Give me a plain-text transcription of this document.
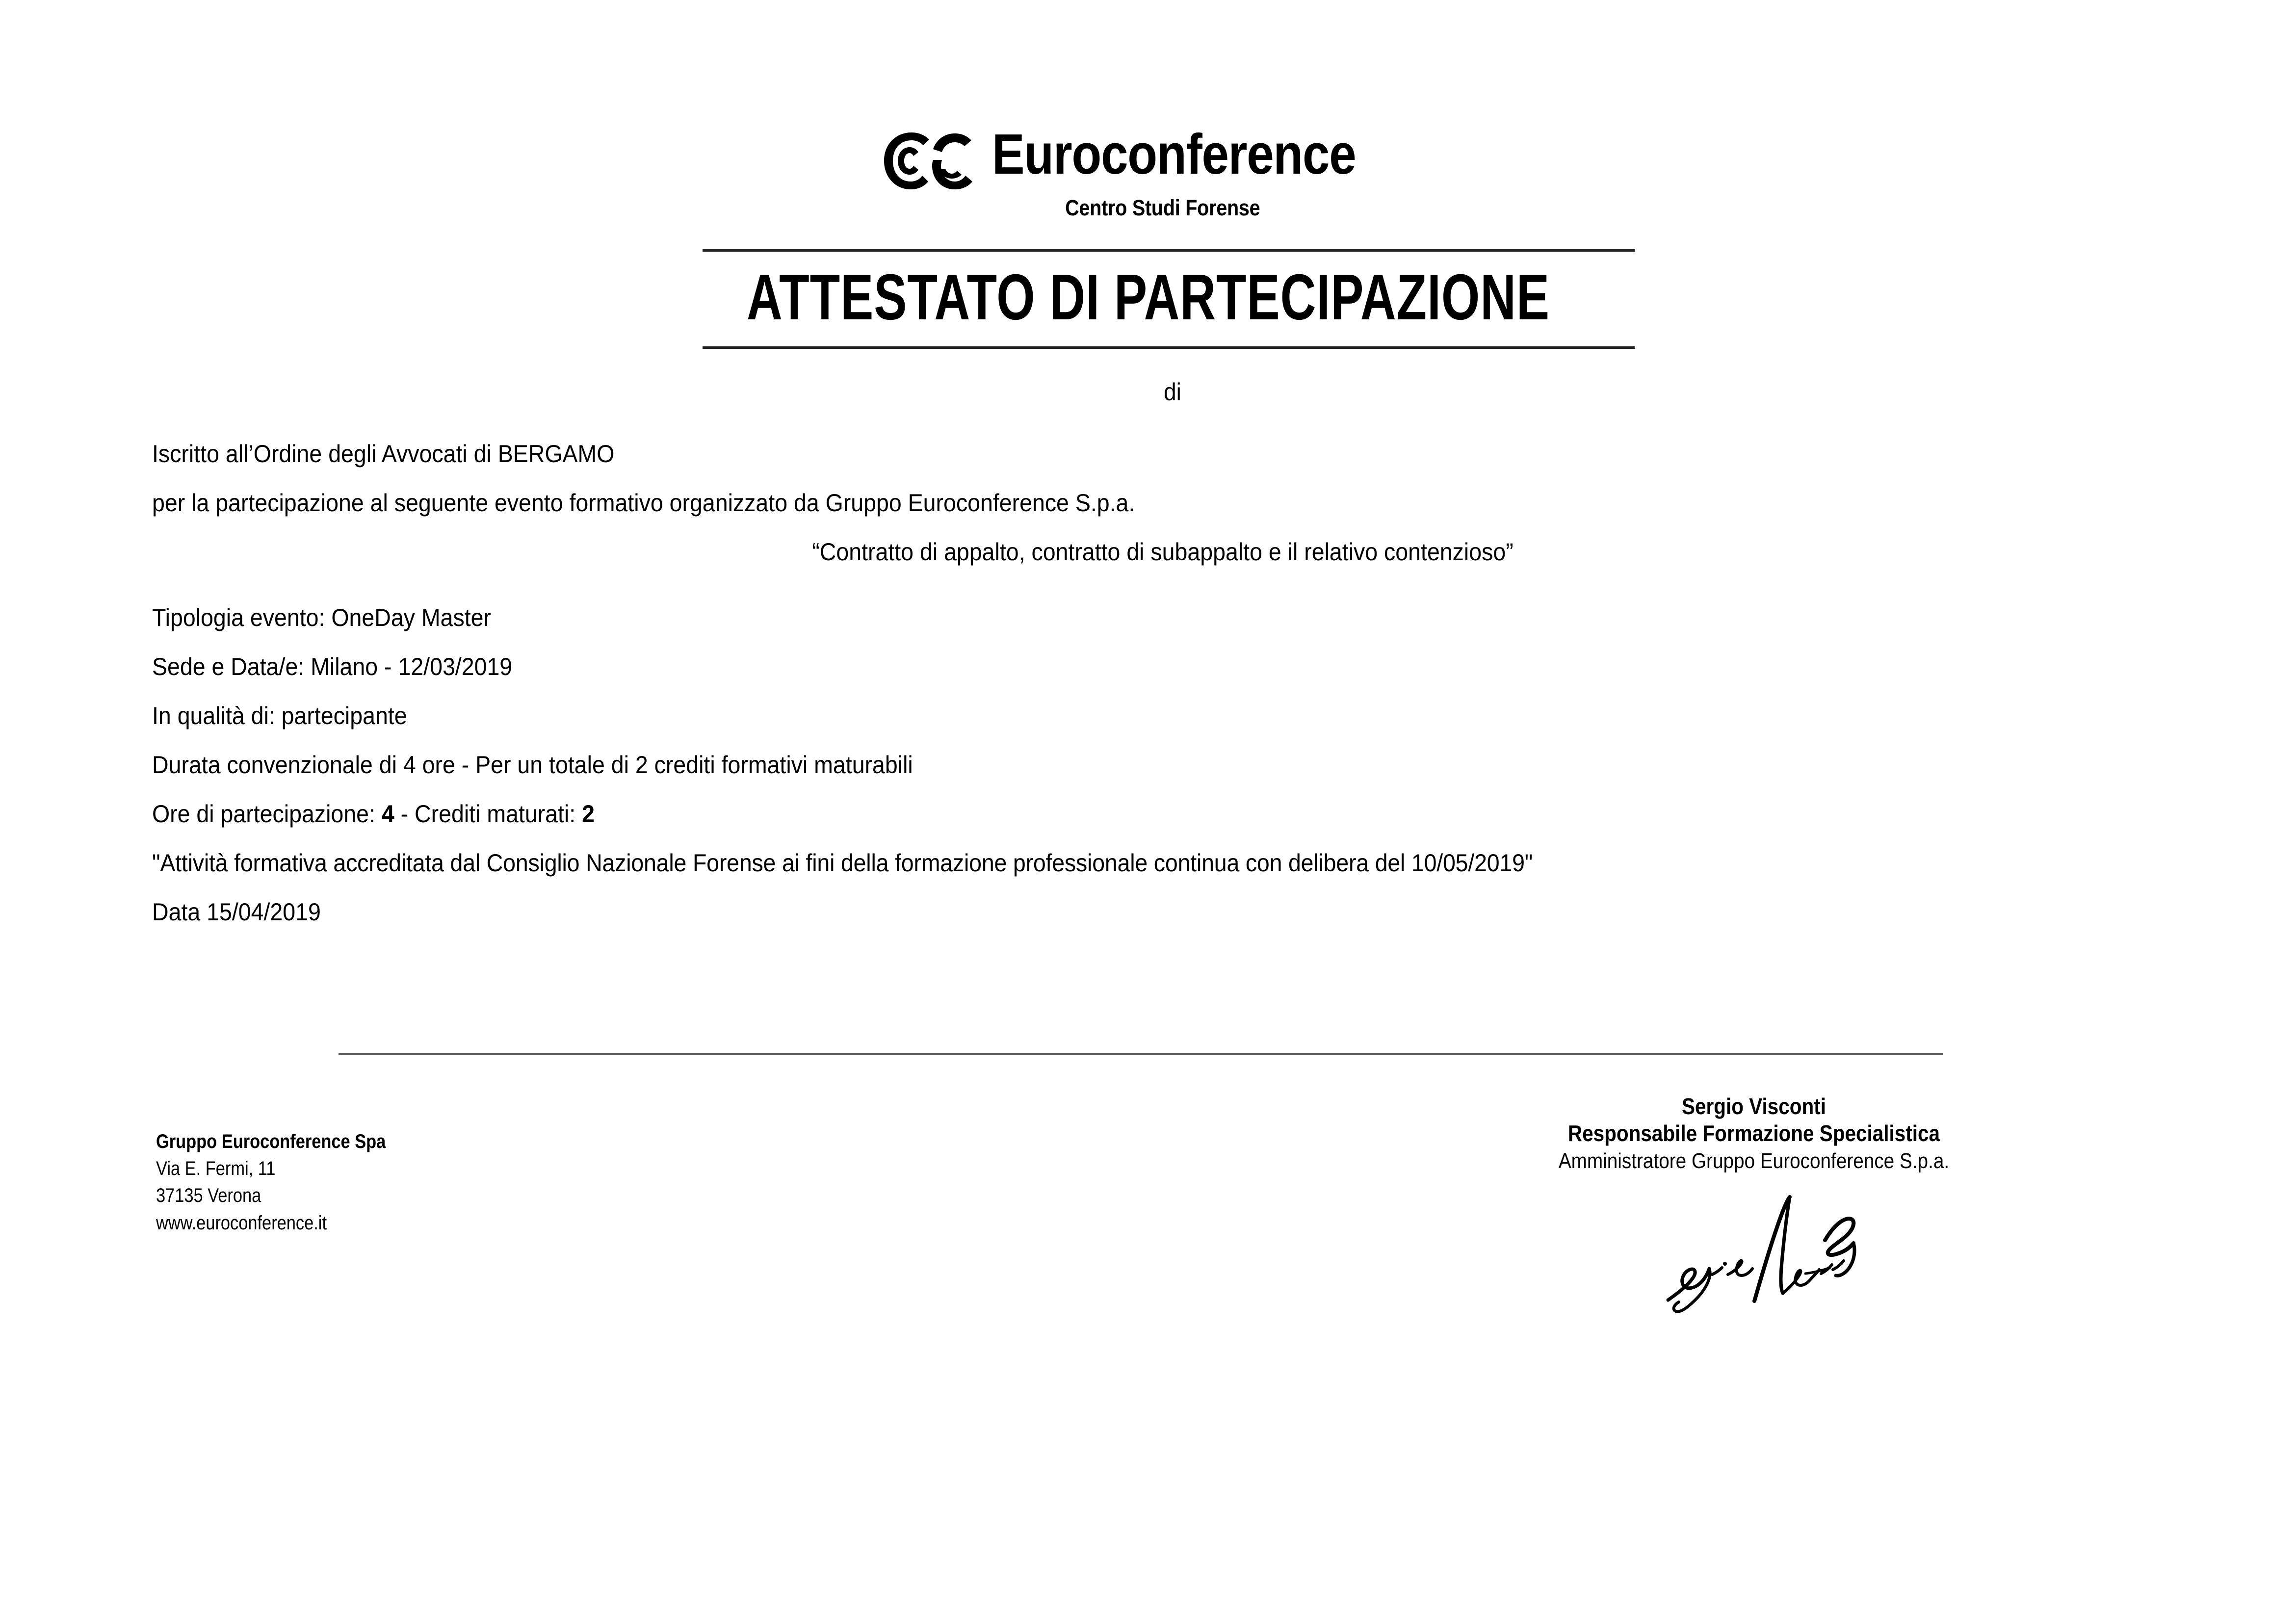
Euroconference
Centro Studi Forense
ATTESTATO DI PARTECIPAZIONE
di
Iscritto all’Ordine degli Avvocati di BERGAMO
per la partecipazione al seguente evento formativo organizzato da Gruppo Euroconference S.p.a.
“Contratto di appalto, contratto di subappalto e il relativo contenzioso”
Tipologia evento: OneDay Master
Sede e Data/e: Milano - 12/03/2019
In qualità di: partecipante
Durata convenzionale di 4 ore - Per un totale di 2 crediti formativi maturabili
Ore di partecipazione: 4 - Crediti maturati: 2
"Attività formativa accreditata dal Consiglio Nazionale Forense ai fini della formazione professionale continua con delibera del 10/05/2019"
Data 15/04/2019
Gruppo Euroconference Spa
Via E. Fermi, 11
37135 Verona
www.euroconference.it
Sergio Visconti
Responsabile Formazione Specialistica
Amministratore Gruppo Euroconference S.p.a.
